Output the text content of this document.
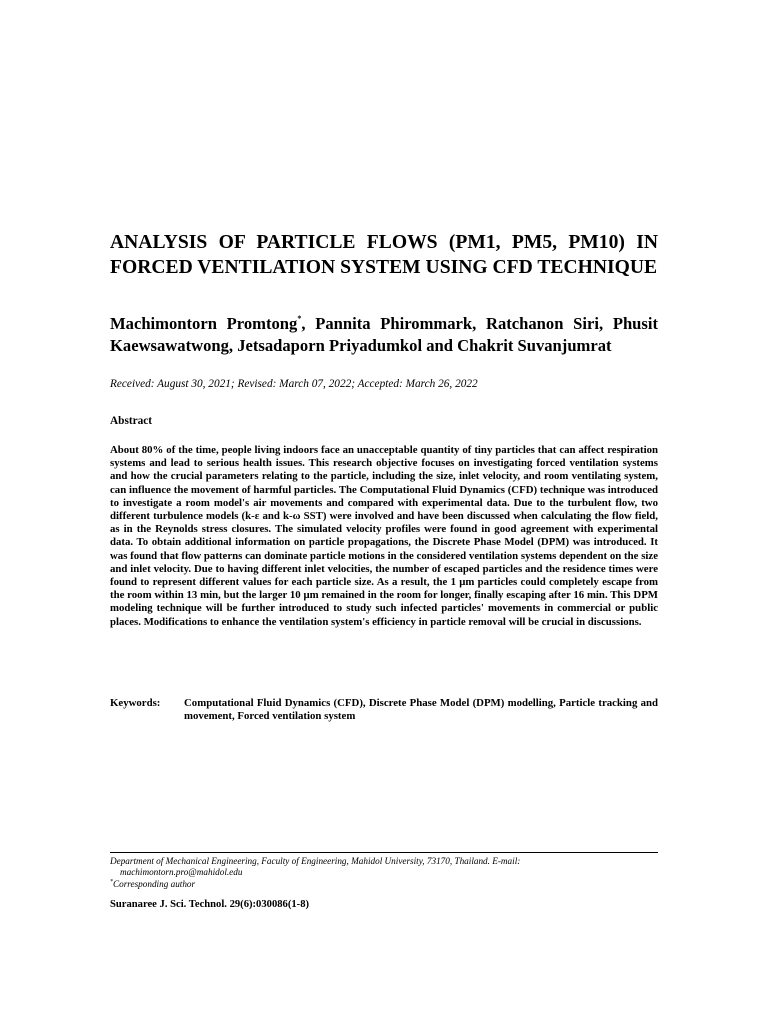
ANALYSIS OF PARTICLE FLOWS (PM1, PM5, PM10) IN FORCED VENTILATION SYSTEM USING CFD TECHNIQUE

Machimontorn Promtong*, Pannita Phirommark, Ratchanon Siri, Phusit Kaewsawatwong, Jetsadaporn Priyadumkol and Chakrit Suvanjumrat

Received: August 30, 2021; Revised: March 07, 2022; Accepted: March 26, 2022

Abstract

About 80% of the time, people living indoors face an unacceptable quantity of tiny particles that can affect respiration systems and lead to serious health issues. This research objective focuses on investigating forced ventilation systems and how the crucial parameters relating to the particle, including the size, inlet velocity, and room ventilating system, can influence the movement of harmful particles. The Computational Fluid Dynamics (CFD) technique was introduced to investigate a room model's air movements and compared with experimental data. Due to the turbulent flow, two different turbulence models (k-ε and k-ω SST) were involved and have been discussed when calculating the flow field, as in the Reynolds stress closures. The simulated velocity profiles were found in good agreement with experimental data. To obtain additional information on particle propagations, the Discrete Phase Model (DPM) was introduced. It was found that flow patterns can dominate particle motions in the considered ventilation systems dependent on the size and inlet velocity. Due to having different inlet velocities, the number of escaped particles and the residence times were found to represent different values for each particle size. As a result, the 1 μm particles could completely escape from the room within 13 min, but the larger 10 μm remained in the room for longer, finally escaping after 16 min. This DPM modeling technique will be further introduced to study such infected particles' movements in commercial or public places. Modifications to enhance the ventilation system's efficiency in particle removal will be crucial in discussions.

Keywords:	Computational Fluid Dynamics (CFD), Discrete Phase Model (DPM) modelling, Particle tracking and movement, Forced ventilation system

Department of Mechanical Engineering, Faculty of Engineering, Mahidol University, 73170, Thailand. E-mail:
machimontorn.pro@mahidol.edu

*Corresponding author

Suranaree J. Sci. Technol. 29(6):030086(1-8)
